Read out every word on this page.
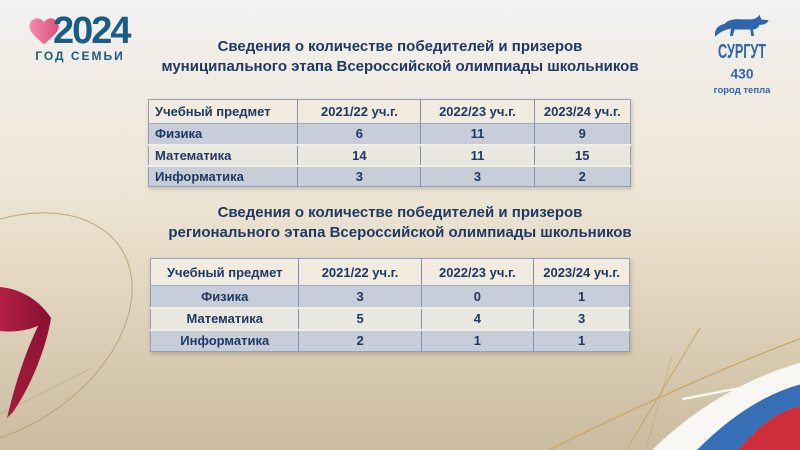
2024
ГОД СЕМЬИ	СУРГУТ
430
город тепла
Сведения о количестве победителей и призеров
муниципального этапа Всероссийской олимпиады школьников
Учебный предмет	2021/22 уч.г.	2022/23 уч.г.	2023/24 уч.г.
Физика	6	11	9
Математика	14	11	15
Информатика	3	3	2
Сведения о количестве победителей и призеров
регионального этапа Всероссийской олимпиады школьников
Учебный предмет	2021/22 уч.г.	2022/23 уч.г.	2023/24 уч.г.
Физика	3	0	1
Математика	5	4	3
Информатика	2	1	1
